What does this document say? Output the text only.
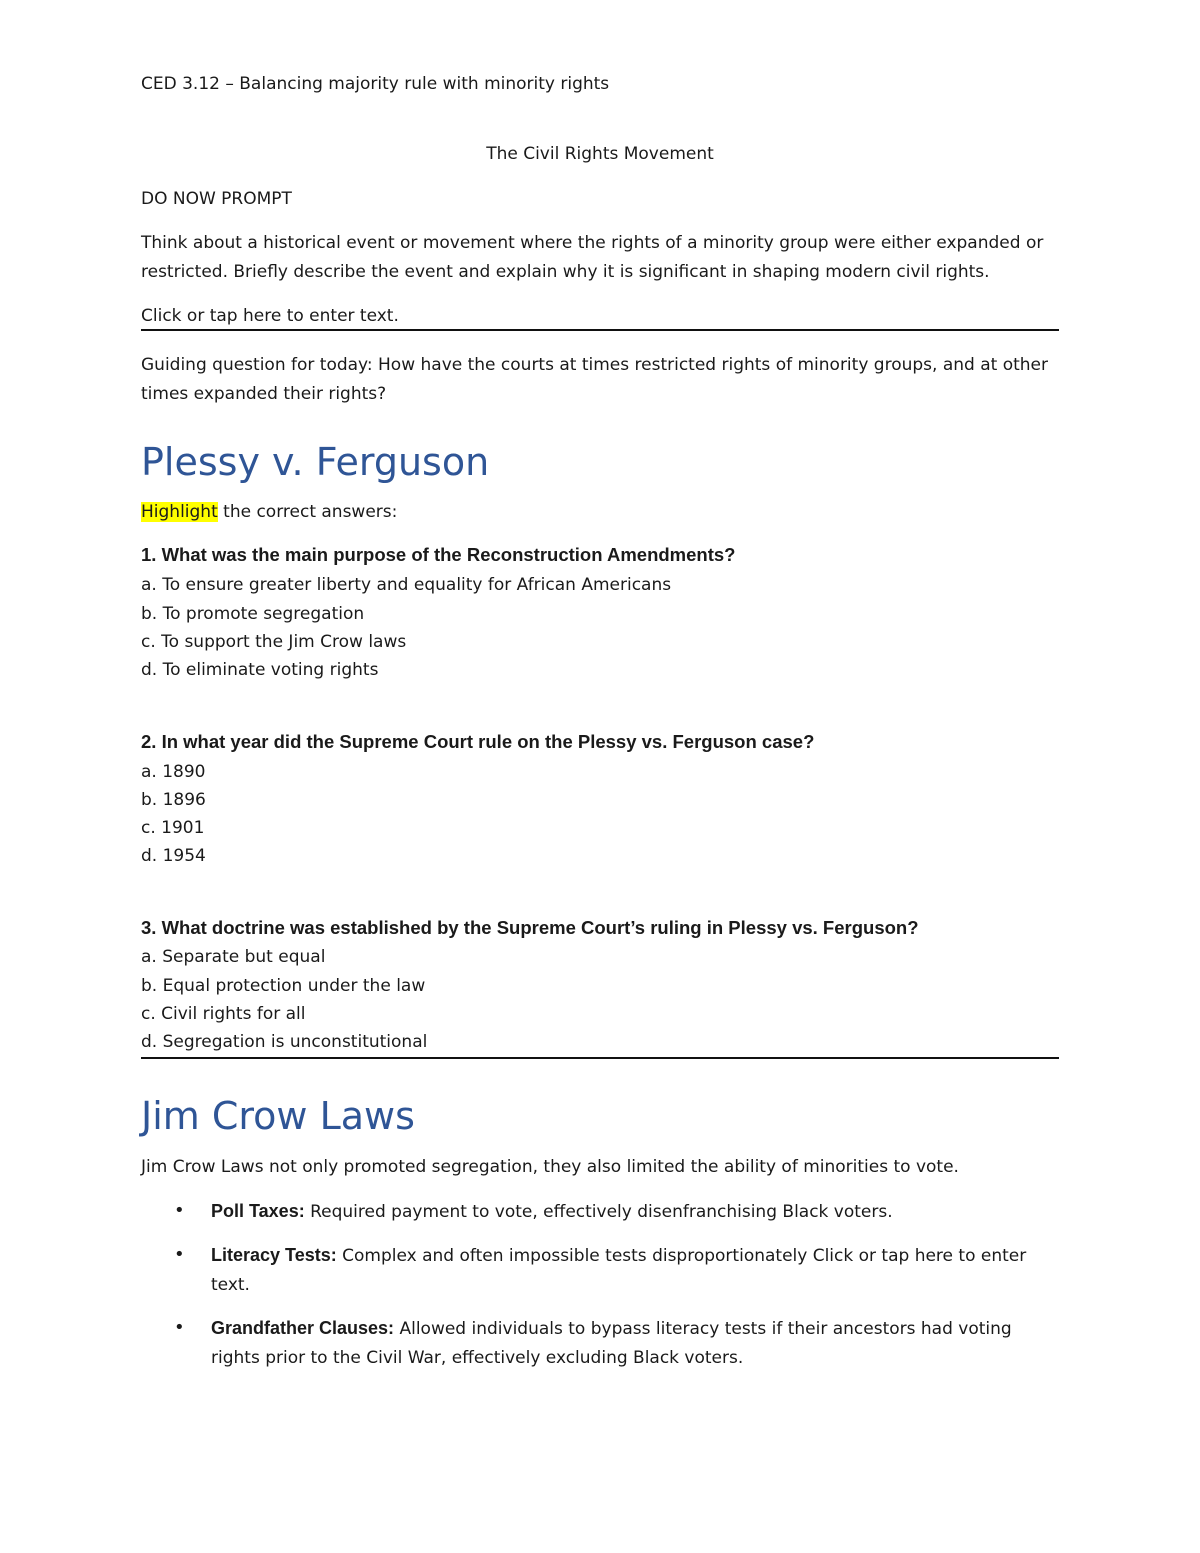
CED 3.12 – Balancing majority rule with minority rights
The Civil Rights Movement
DO NOW PROMPT
Think about a historical event or movement where the rights of a minority group were either expanded or restricted. Briefly describe the event and explain why it is significant in shaping modern civil rights.
Click or tap here to enter text.
Guiding question for today: How have the courts at times restricted rights of minority groups, and at other times expanded their rights?
Plessy v. Ferguson
Highlight the correct answers:
1. What was the main purpose of the Reconstruction Amendments?
a. To ensure greater liberty and equality for African Americans
b. To promote segregation
c. To support the Jim Crow laws
d. To eliminate voting rights
2. In what year did the Supreme Court rule on the Plessy vs. Ferguson case?
a. 1890
b. 1896
c. 1901
d. 1954
3. What doctrine was established by the Supreme Court’s ruling in Plessy vs. Ferguson?
a. Separate but equal
b. Equal protection under the law
c. Civil rights for all
d. Segregation is unconstitutional
Jim Crow Laws
Jim Crow Laws not only promoted segregation, they also limited the ability of minorities to vote.
• Poll Taxes: Required payment to vote, effectively disenfranchising Black voters.
• Literacy Tests: Complex and often impossible tests disproportionately Click or tap here to enter text.
• Grandfather Clauses: Allowed individuals to bypass literacy tests if their ancestors had voting rights prior to the Civil War, effectively excluding Black voters.
